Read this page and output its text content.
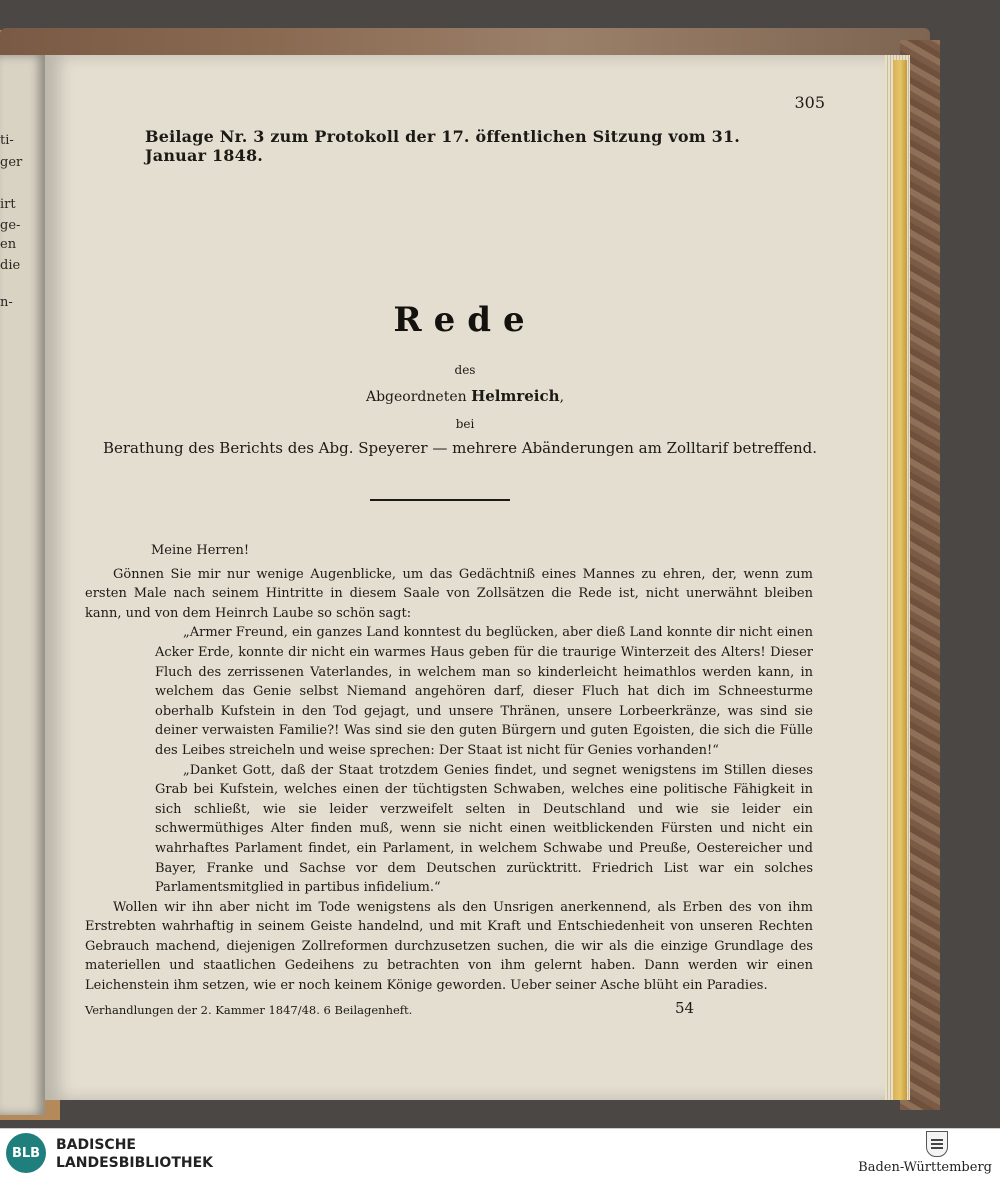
ti-
ger
irt
ge-
en
die
n-
305
Beilage Nr. 3 zum Protokoll der 17. öffentlichen Sitzung vom 31. Januar 1848.
Rede
des
Abgeordneten Helmreich,
bei
Berathung des Berichts des Abg. Speyerer — mehrere Abänderungen am Zolltarif betreffend.

Meine Herren!

Gönnen Sie mir nur wenige Augenblicke, um das Gedächtniß eines Mannes zu ehren, der, wenn zum ersten Male nach seinem Hintritte in diesem Saale von Zollsätzen die Rede ist, nicht unerwähnt bleiben kann, und von dem Heinrch Laube so schön sagt:

„Armer Freund, ein ganzes Land konntest du beglücken, aber dieß Land konnte dir nicht einen Acker Erde, konnte dir nicht ein warmes Haus geben für die traurige Winterzeit des Alters! Dieser Fluch des zerrissenen Vaterlandes, in welchem man so kinderleicht heimathlos werden kann, in welchem das Genie selbst Niemand angehören darf, dieser Fluch hat dich im Schneesturme oberhalb Kufstein in den Tod gejagt, und unsere Thränen, unsere Lorbeerkränze, was sind sie deiner verwaisten Familie?! Was sind sie den guten Bürgern und guten Egoisten, die sich die Fülle des Leibes streicheln und weise sprechen: Der Staat ist nicht für Genies vorhanden!“

„Danket Gott, daß der Staat trotzdem Genies findet, und segnet wenigstens im Stillen dieses Grab bei Kufstein, welches einen der tüchtigsten Schwaben, welches eine politische Fähigkeit in sich schließt, wie sie leider verzweifelt selten in Deutschland und wie sie leider ein schwermüthiges Alter finden muß, wenn sie nicht einen weitblickenden Fürsten und nicht ein wahrhaftes Parlament findet, ein Parlament, in welchem Schwabe und Preuße, Oestereicher und Bayer, Franke und Sachse vor dem Deutschen zurücktritt. Friedrich List war ein solches Parlamentsmitglied in partibus infidelium.“

Wollen wir ihn aber nicht im Tode wenigstens als den Unsrigen anerkennend, als Erben des von ihm Erstrebten wahrhaftig in seinem Geiste handelnd, und mit Kraft und Entschiedenheit von unseren Rechten Gebrauch machend, diejenigen Zollreformen durchzusetzen suchen, die wir als die einzige Grundlage des materiellen und staatlichen Gedeihens zu betrachten von ihm gelernt haben. Dann werden wir einen Leichenstein ihm setzen, wie er noch keinem Könige geworden. Ueber seiner Asche blüht ein Paradies.

Verhandlungen der 2. Kammer 1847/48. 6 Beilagenheft.	54
BLB	BADISCHE
LANDESBIBLIOTHEK	Baden-Württemberg
